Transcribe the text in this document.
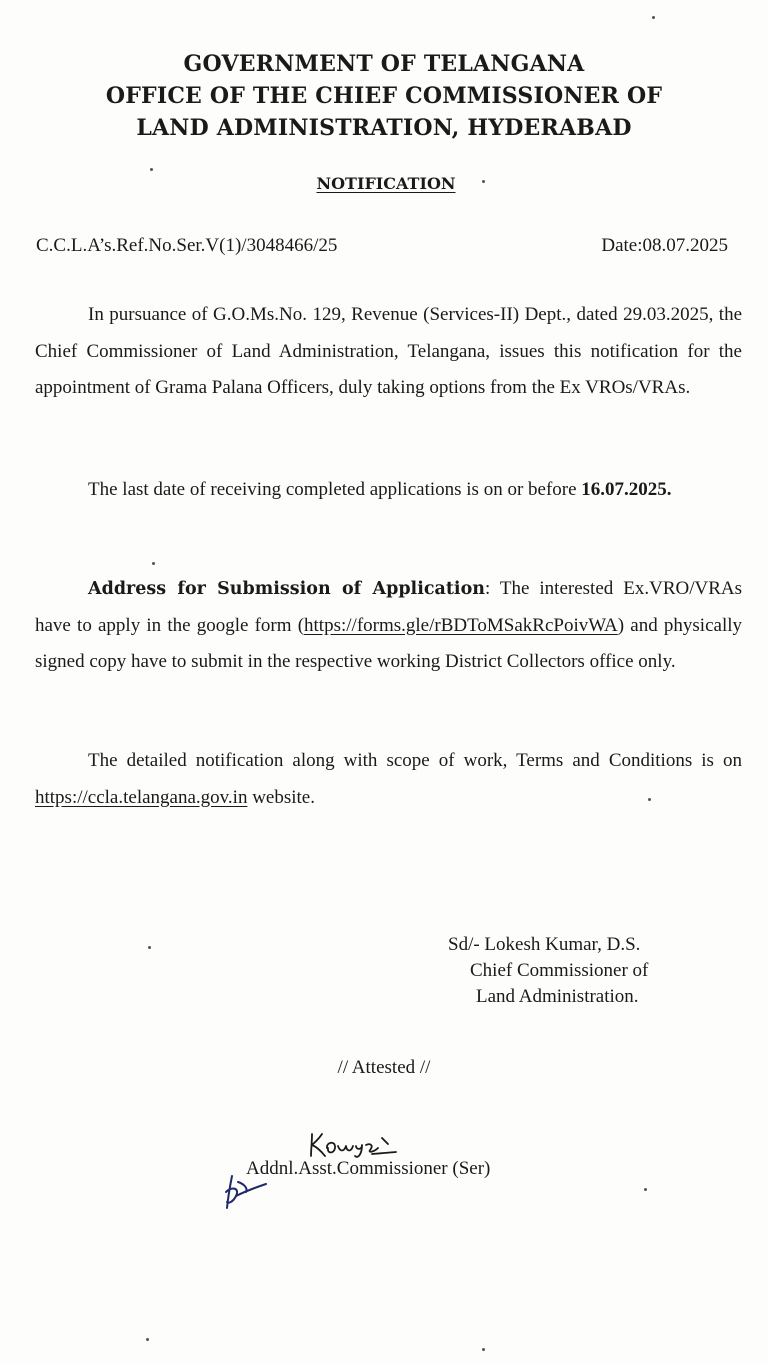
GOVERNMENT OF TELANGANA
OFFICE OF THE CHIEF COMMISSIONER OF
LAND ADMINISTRATION, HYDERABAD
NOTIFICATION
C.C.L.A’s.Ref.No.Ser.V(1)/3048466/25	Date:08.07.2025

In pursuance of G.O.Ms.No. 129, Revenue (Services-II) Dept., dated 29.03.2025, the Chief Commissioner of Land Administration, Telangana, issues this notification for the appointment of Grama Palana Officers, duly taking options from the Ex VROs/VRAs.

The last date of receiving completed applications is on or before 16.07.2025.

Address for Submission of Application: The interested Ex.VRO/VRAs have to apply in the google form (https://forms.gle/rBDToMSakRcPoivWA) and physically signed copy have to submit in the respective working District Collectors office only.

The detailed notification along with scope of work, Terms and Conditions is on https://ccla.telangana.gov.in website.

Sd/- Lokesh Kumar, D.S.
Chief Commissioner of
Land Administration.
// Attested //
Addnl.Asst.Commissioner (Ser)
